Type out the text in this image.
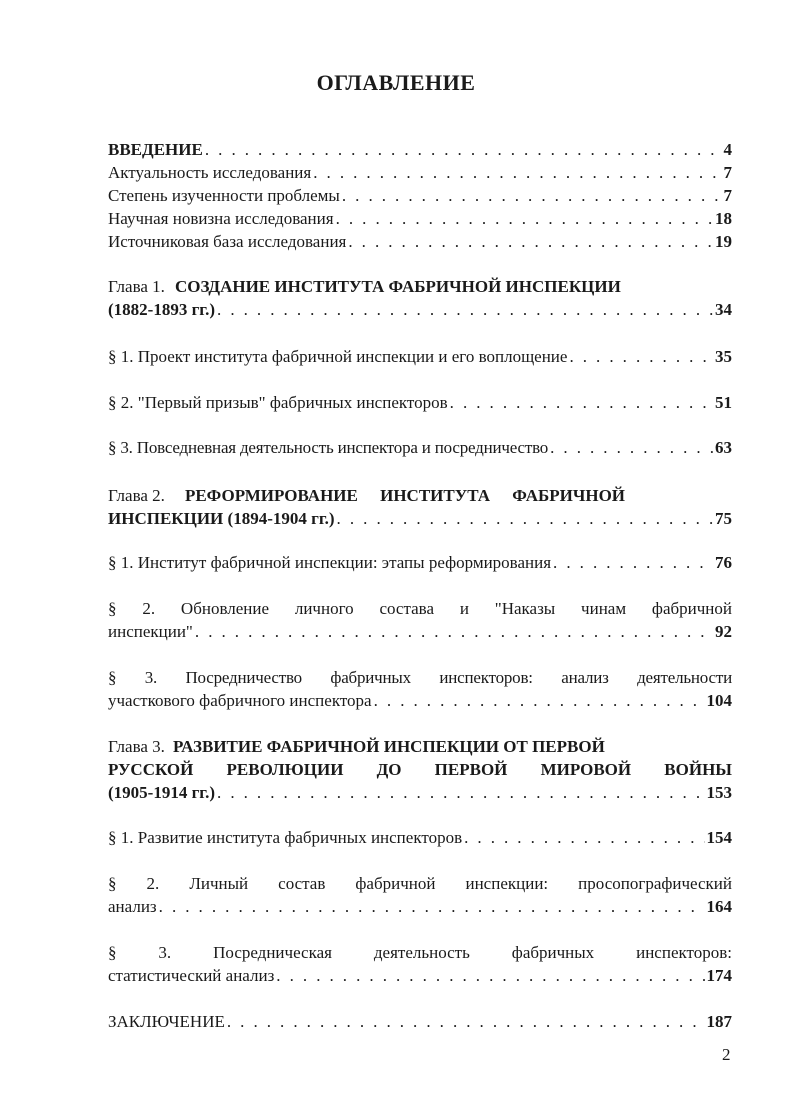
ОГЛАВЛЕНИЕ
ВВЕДЕНИЕ . . .	4
Актуальность исследования . . .	7
Степень изученности проблемы . . .	7
Научная новизна исследования . . .	18
Источниковая база исследования . . .	19
Глава 1. СОЗДАНИЕ ИНСТИТУТА ФАБРИЧНОЙ ИНСПЕКЦИИ
(1882-1893 гг.) . . .	34
§ 1. Проект института фабричной инспекции и его воплощение . . .	35
§ 2. "Первый призыв" фабричных инспекторов . . .	51
§ 3. Повседневная деятельность инспектора и посредничество . . .	63
Глава 2. РЕФОРМИРОВАНИЕ ИНСТИТУТА ФАБРИЧНОЙ
ИНСПЕКЦИИ (1894-1904 гг.) . . .	75
§ 1. Институт фабричной инспекции: этапы реформирования . . .	76
§ 2. Обновление личного состава и "Наказы чинам фабричной
инспекции" . . .	92
§ 3. Посредничество фабричных инспекторов: анализ деятельности
участкового фабричного инспектора . . .	104
Глава 3. РАЗВИТИЕ ФАБРИЧНОЙ ИНСПЕКЦИИ ОТ ПЕРВОЙ
РУССКОЙ РЕВОЛЮЦИИ ДО ПЕРВОЙ МИРОВОЙ ВОЙНЫ
(1905-1914 гг.) . . .	153
§ 1. Развитие института фабричных инспекторов . . .	154
§ 2. Личный состав фабричной инспекции: просопографический
анализ . . .	164
§ 3. Посредническая деятельность фабричных инспекторов:
статистический анализ . . .	174
ЗАКЛЮЧЕНИЕ . . .	187
2
